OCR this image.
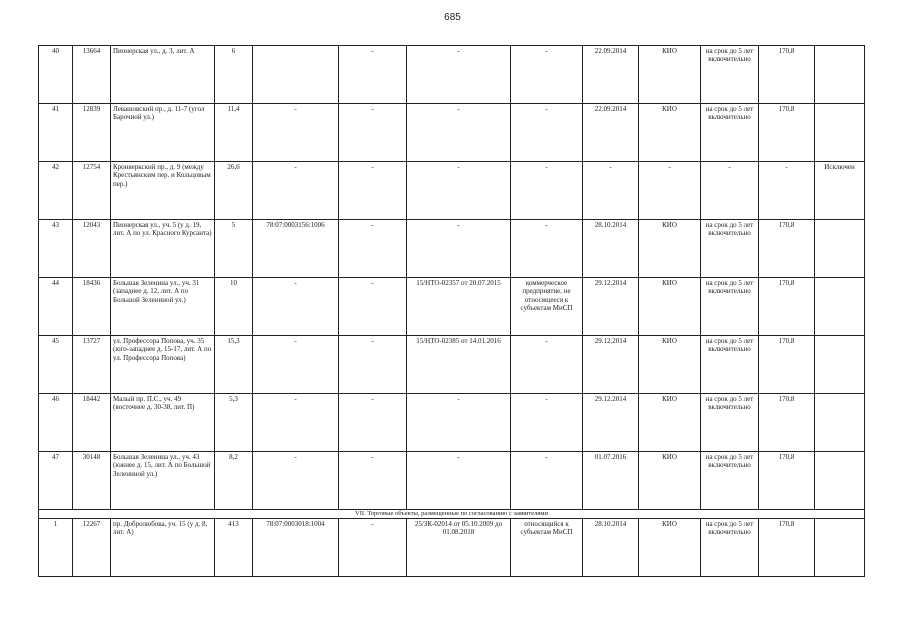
685
40	13664	Пионерская ул., д. 3, лит. А	6		-	-	-	22.09.2014	КИО	на срок до 5 лет включительно	170,8	
41	12839	Левашовский пр., д. 11-7 (угол Барочной ул.)	11,4	-	-	-	-	22.09.2014	КИО	на срок до 5 лет включительно	170,8	
42	12754	Кронверкский пр., д. 9 (между Крестьянским пер. и Кольцовым пер.)	26,6	-	-	-	-	-	-	-	-	Исключен
43	12043	Пионерская ул., уч. 5 (у д. 19, лит. А по ул. Красного Курсанта)	5	78:07:0003156:1006	-	-	-	28.10.2014	КИО	на срок до 5 лет включительно	170,8	
44	18436	Большая Зеленина ул., уч. 31 (западнее д. 12, лит. А по Большой Зелениной ул.)	10	-	-	15/НТО-02357 от 20.07.2015	коммерческое предприятие, не относящееся к субъектам МиСП	29.12.2014	КИО	на срок до 5 лет включительно	170,8	
45	13727	ул. Профессора Попова, уч. 35 (юго-западнее д. 15-17, лит. А по ул. Профессора Попова)	15,3	-	-	15/НТО-02385 от 14.01.2016	-	29.12.2014	КИО	на срок до 5 лет включительно	170,8	
46	18442	Малый пр. П.С., уч. 49 (восточнее д. 30-38, лит. П)	5,3	-	-	-	-	29.12.2014	КИО	на срок до 5 лет включительно	170,8	
47	30148	Большая Зеленина ул., уч. 43 (южнее д. 15, лит. А по Большой Зелениной ул.)	8,2	-	-	-	-	01.07.2016	КИО	на срок до 5 лет включительно	170,8	
VII. Торговые объекты, размещенные по согласованию с заявителями												
1	12267	пр. Добролюбова, уч. 15 (у д. 8, лит. А)	413	78:07:0003018:1004	-	25/ЗК-02014 от 05.10.2009 до 01.08.2018	относящийся к субъектам МиСП	28.10.2014	КИО	на срок до 5 лет включительно	170,8	
